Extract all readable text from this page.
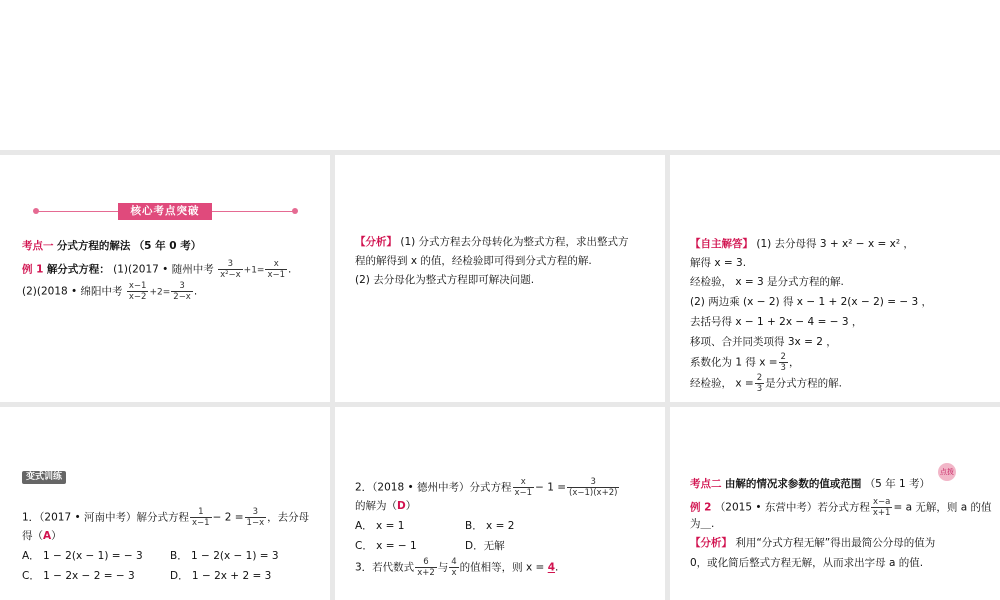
核心考点突破
考点一 分式方程的解法 （5 年 0 考）
例 1 解分式方程： (1)(2017 • 随州中考 $\frac{3}{\text{x²−x}} +1= \frac{x}{x-1}$ .
(2)(2018 • 绵阳中考 $\frac{x-1}{x-2} +2= \frac{3}{2-x}$ .
【分析】 (1) 分式方程去分母转化为整式方程，求出整式方
程的解得到 x 的值，经检验即可得到分式方程的解.
(2) 去分母化为整式方程即可解决问题.
【自主解答】 (1) 去分母得 3 + x² − x = x² ，
解得 x = 3.
经检验， x = 3 是分式方程的解.
(2) 两边乘 (x − 2) 得 x − 1 + 2(x − 2) = − 3 ，
去括号得 x − 1 + 2x − 4 = − 3 ，
移项、合并同类项得 3x = 2 ，
系数化为 1 得 $x = \frac{2}{3}$ ，
经检验， $x = \frac{2}{3}$ 是分式方程的解.
变式训练
1．（2017 • 河南中考）解分式方程 $\frac{1}{x-1} - 2 = \frac{3}{1-x}$ ，去分母
得（A）
A． 1 − 2(x − 1) = − 3	B． 1 − 2(x − 1) = 3
C． 1 − 2x − 2 = − 3	D． 1 − 2x + 2 = 3
2．（2018 • 德州中考）分式方程 $\frac{x}{x-1} - 1 = \frac{3}{(x-1)(x+2)}$
的解为（D）
A． x = 1	B． x = 2
C． x = − 1	D．无解
3．若代数式 $\frac{6}{x+2}$ 与 $\frac{4}{x}$ 的值相等，则 x = 4.
点拨
考点二 由解的情况求参数的值或范围 （5 年 1 考）
例 2 （2015 • 东营中考）若分式方程 $\frac{x-a}{x+1} = a$ 无解，则 a 的值
为＿.
【分析】 利用“分式方程无解”得出最简公分母的值为
0，或化简后整式方程无解，从而求出字母 a 的值.
